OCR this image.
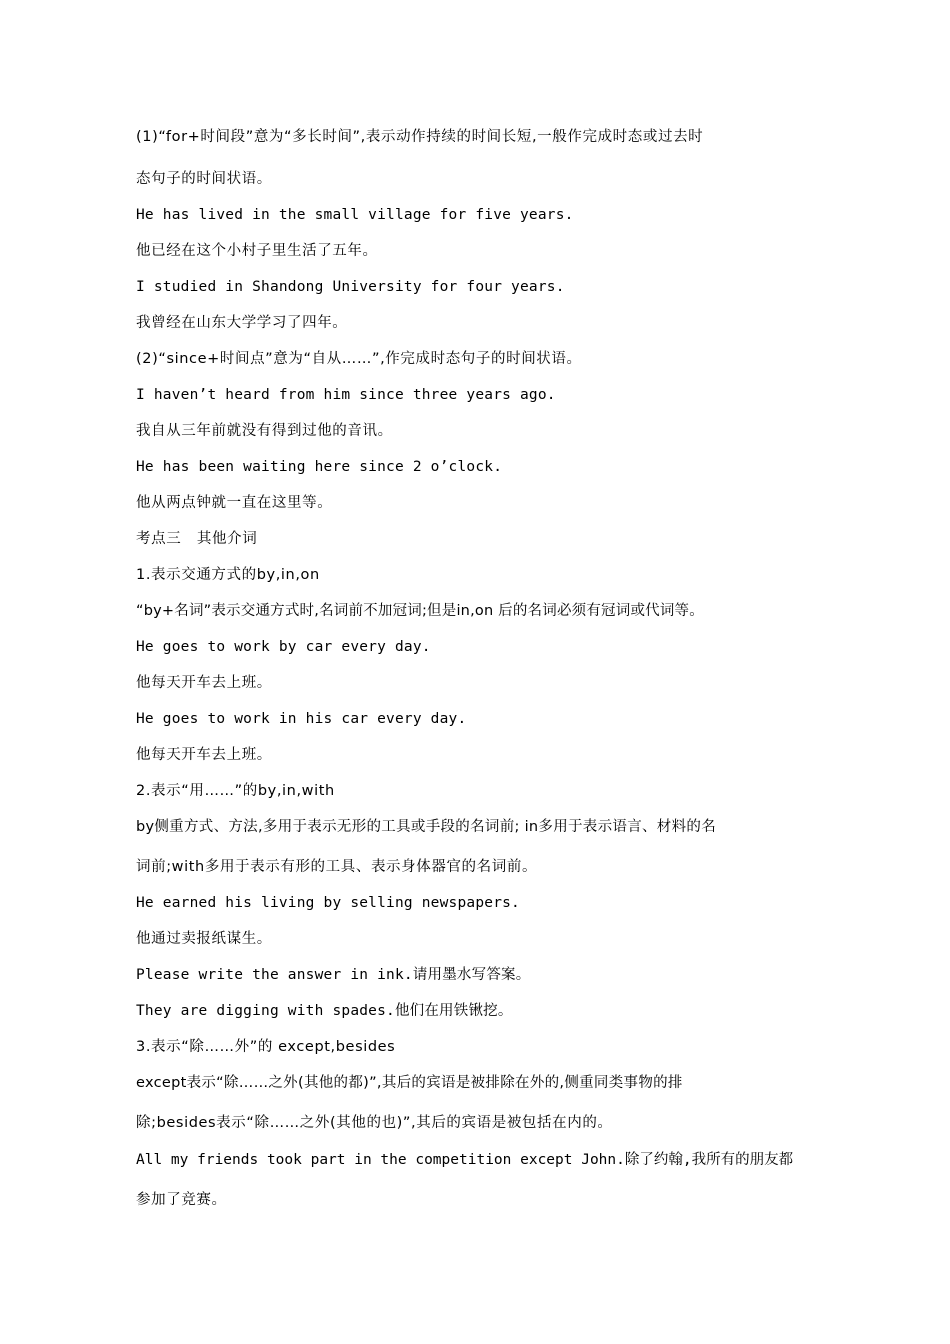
(1)“for+时间段”意为“多长时间”,表示动作持续的时间长短,一般作完成时态或过去时
态句子的时间状语。
He has lived in the small village for five years.
他已经在这个小村子里生活了五年。
I studied in Shandong University for four years.
我曾经在山东大学学习了四年。
(2)“since+时间点”意为“自从……”,作完成时态句子的时间状语。
I haven’t heard from him since three years ago.
我自从三年前就没有得到过他的音讯。
He has been waiting here since 2 o’clock.
他从两点钟就一直在这里等。
考点三   其他介词
1.表示交通方式的by,in,on
“by+名词”表示交通方式时,名词前不加冠词;但是in,on 后的名词必须有冠词或代词等。
He goes to work by car every day.
他每天开车去上班。
He goes to work in his car every day.
他每天开车去上班。
2.表示“用……”的by,in,with
by侧重方式、方法,多用于表示无形的工具或手段的名词前; in多用于表示语言、材料的名
词前;with多用于表示有形的工具、表示身体器官的名词前。
He earned his living by selling newspapers.
他通过卖报纸谋生。
Please write the answer in ink.请用墨水写答案。
They are digging with spades.他们在用铁锹挖。
3.表示“除……外”的 except,besides
except表示“除……之外(其他的都)”,其后的宾语是被排除在外的,侧重同类事物的排
除;besides表示“除……之外(其他的也)”,其后的宾语是被包括在内的。
All my friends took part in the competition except John.除了约翰,我所有的朋友都
参加了竞赛。
